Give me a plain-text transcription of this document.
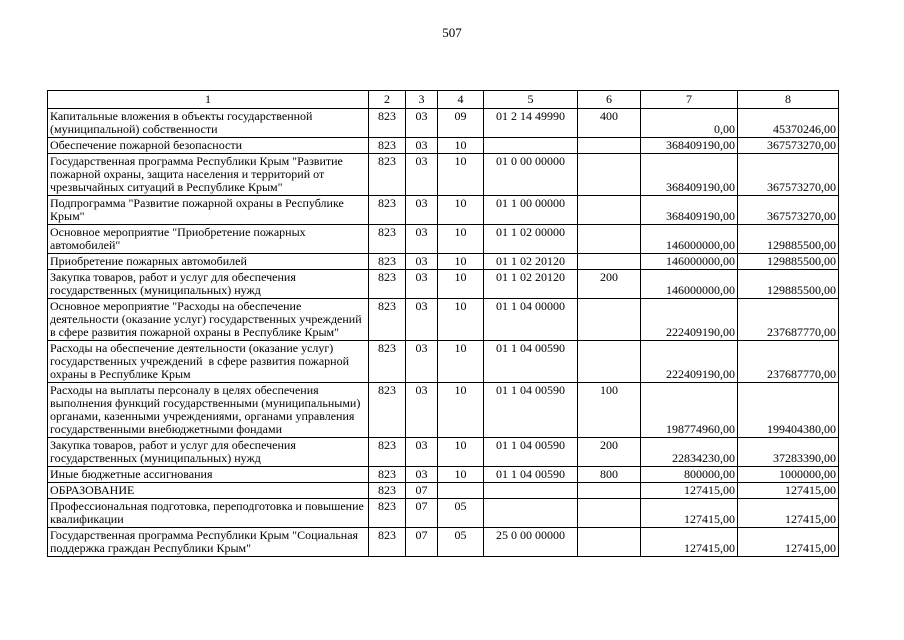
507
1	2	3	4	5	6	7	8
Капитальные вложения в объекты государственной (муниципальной) собственности	823	03	09	01 2 14 49990	400	0,00	45370246,00
Обеспечение пожарной безопасности	823	03	10			368409190,00	367573270,00
Государственная программа Республики Крым "Развитие пожарной охраны, защита населения и территорий от чрезвычайных ситуаций в Республике Крым"	823	03	10	01 0 00 00000		368409190,00	367573270,00
Подпрограмма "Развитие пожарной охраны в Республике Крым"	823	03	10	01 1 00 00000		368409190,00	367573270,00
Основное мероприятие "Приобретение пожарных автомобилей"	823	03	10	01 1 02 00000		146000000,00	129885500,00
Приобретение пожарных автомобилей	823	03	10	01 1 02 20120		146000000,00	129885500,00
Закупка товаров, работ и услуг для обеспечения государственных (муниципальных) нужд	823	03	10	01 1 02 20120	200	146000000,00	129885500,00
Основное мероприятие "Расходы на обеспечение деятельности (оказание услуг) государственных учреждений в сфере развития пожарной охраны в Республике Крым"	823	03	10	01 1 04 00000		222409190,00	237687770,00
Расходы на обеспечение деятельности (оказание услуг) государственных учреждений  в сфере развития пожарной охраны в Республике Крым	823	03	10	01 1 04 00590		222409190,00	237687770,00
Расходы на выплаты персоналу в целях обеспечения выполнения функций государственными (муниципальными) органами, казенными учреждениями, органами управления государственными внебюджетными фондами	823	03	10	01 1 04 00590	100	198774960,00	199404380,00
Закупка товаров, работ и услуг для обеспечения государственных (муниципальных) нужд	823	03	10	01 1 04 00590	200	22834230,00	37283390,00
Иные бюджетные ассигнования	823	03	10	01 1 04 00590	800	800000,00	1000000,00
ОБРАЗОВАНИЕ	823	07				127415,00	127415,00
Профессиональная подготовка, переподготовка и повышение квалификации	823	07	05			127415,00	127415,00
Государственная программа Республики Крым "Социальная поддержка граждан Республики Крым"	823	07	05	25 0 00 00000		127415,00	127415,00
